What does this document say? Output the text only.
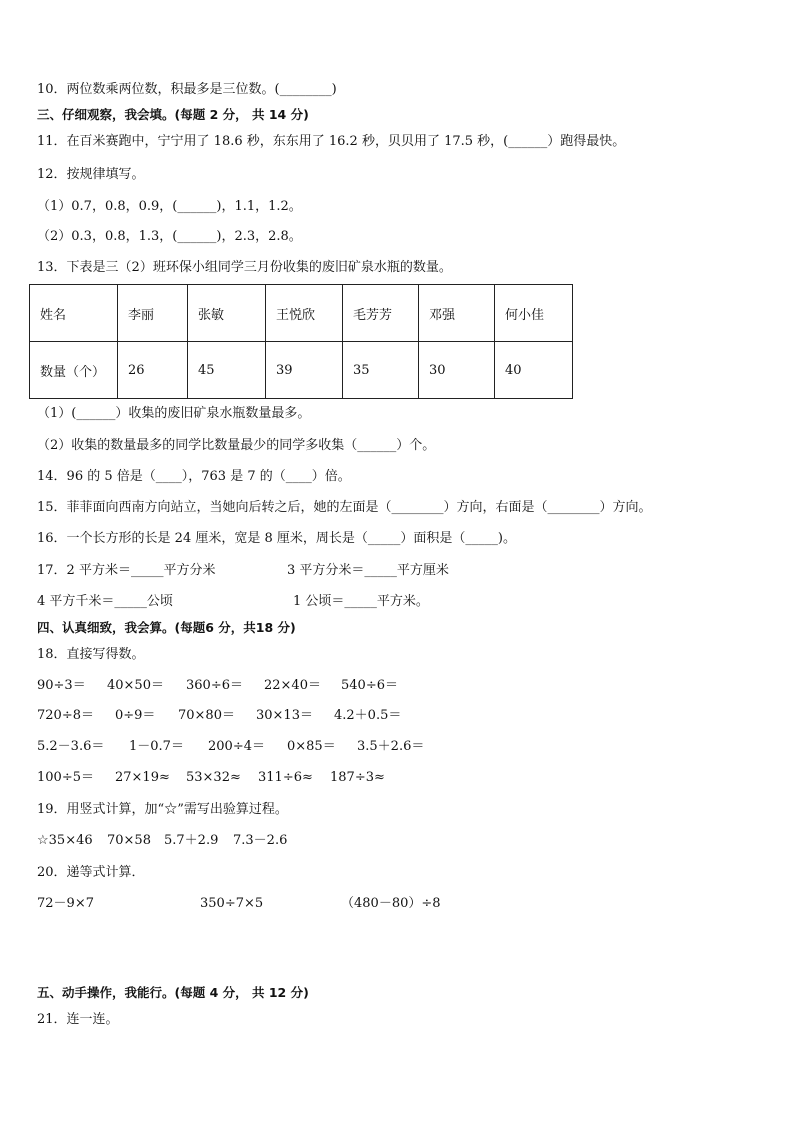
10．两位数乘两位数，积最多是三位数。(________)
三、仔细观察，我会填。(每题 2 分， 共 14 分)
11．在百米赛跑中，宁宁用了 18.6 秒，东东用了 16.2 秒，贝贝用了 17.5 秒，(______）跑得最快。
12．按规律填写。
（1）0.7，0.8，0.9，(______)，1.1，1.2。
（2）0.3，0.8，1.3，(______)，2.3，2.8。
13．下表是三（2）班环保小组同学三月份收集的废旧矿泉水瓶的数量。
姓名	李丽	张敏	王悦欣	毛芳芳	邓强	何小佳
数量（个）	26	45	39	35	30	40
（1）(______）收集的废旧矿泉水瓶数量最多。
（2）收集的数量最多的同学比数量最少的同学多收集（______）个。
14．96 的 5 倍是（____），763 是 7 的（____）倍。
15．菲菲面向西南方向站立，当她向后转之后，她的左面是（________）方向，右面是（________）方向。
16．一个长方形的长是 24 厘米，宽是 8 厘米，周长是（_____）面积是（_____)。
17．2 平方米＝_____平方分米	3 平方分米＝_____平方厘米
4 平方千米＝_____公顷	1 公顷＝_____平方米。
四、认真细致，我会算。(每题6 分，共18 分)
18．直接写得数。
90÷3＝ 40×50＝ 360÷6＝ 22×40＝ 540÷6＝
720÷8＝ 0÷9＝ 70×80＝ 30×13＝ 4.2＋0.5＝
5.2－3.6＝ 1－0.7＝ 200÷4＝ 0×85＝ 3.5＋2.6＝
100÷5＝ 27×19≈ 53×32≈ 311÷6≈ 187÷3≈
19．用竖式计算，加“☆”需写出验算过程。
☆35×46 70×58 5.7＋2.9 7.3－2.6
20．递等式计算．
72－9×7	350÷7×5	（480－80）÷8
五、动手操作，我能行。(每题 4 分， 共 12 分)
21．连一连。
